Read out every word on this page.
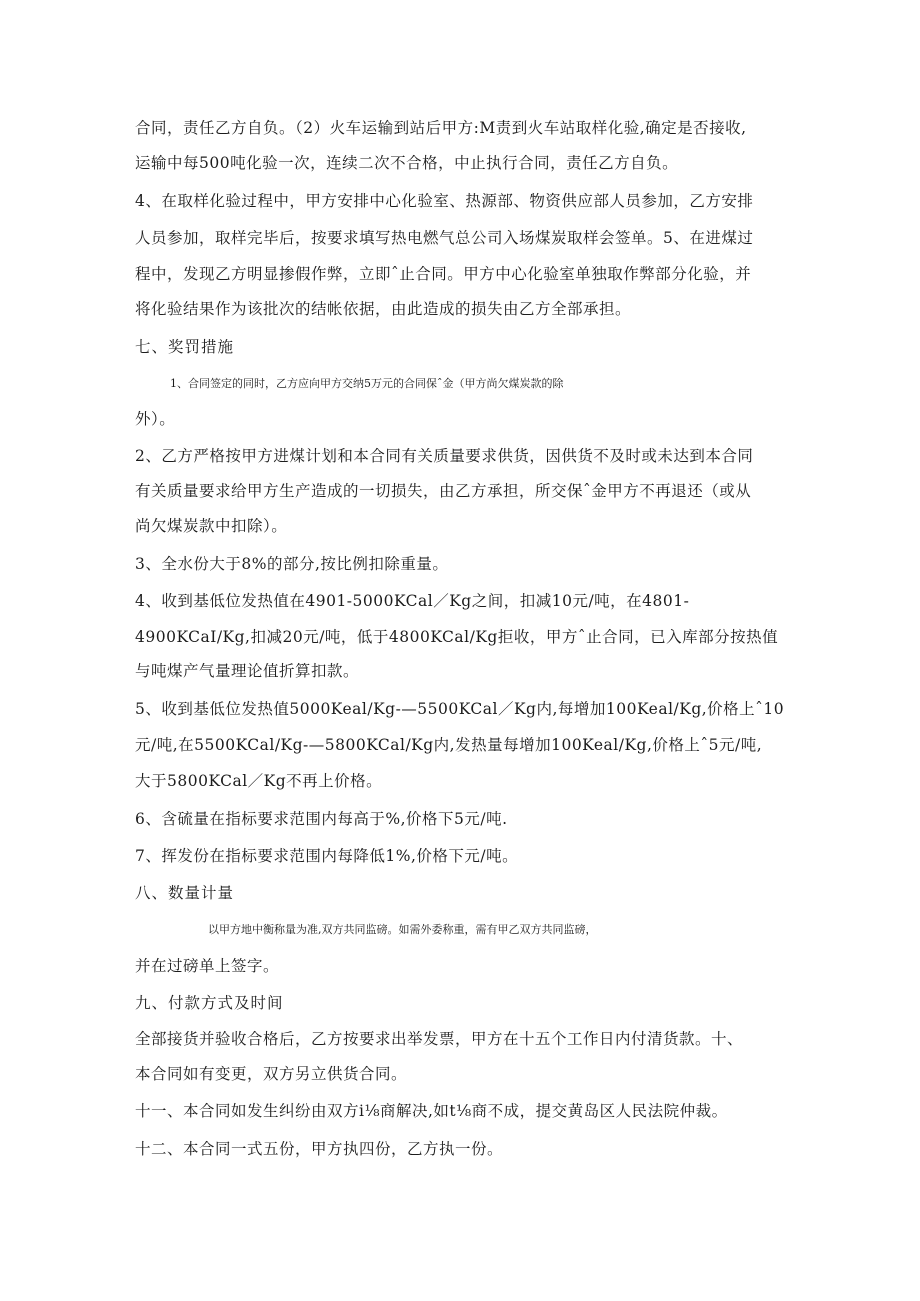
合同，责任乙方自负。（2）火车运输到站后甲方:M责到火车站取样化验,确定是否接收,
运输中每500吨化验一次，连续二次不合格，中止执行合同，责任乙方自负。
4、在取样化验过程中，甲方安排中心化验室、热源部、物资供应部人员参加，乙方安排
人员参加，取样完毕后，按要求填写热电燃气总公司入场煤炭取样会签单。5、在进煤过
程中，发现乙方明显掺假作弊，立即ˆ止合同。甲方中心化验室单独取作弊部分化验，并
将化验结果作为该批次的结帐依据，由此造成的损失由乙方全部承担。
七、奖罚措施
1、合同签定的同时，乙方应向甲方交纳5万元的合同保ˆ金（甲方尚欠煤炭款的除
外）。
2、乙方严格按甲方进煤计划和本合同有关质量要求供货，因供货不及时或未达到本合同
有关质量要求给甲方生产造成的一切损失，由乙方承担，所交保ˆ金甲方不再退还（或从
尚欠煤炭款中扣除）。
3、全水份大于8%的部分,按比例扣除重量。
4、收到基低位发热值在4901-5000KCal／Kg之间，扣减10元/吨，在4801-
4900KCaI/Kg,扣减20元/吨，低于4800KCal/Kg拒收，甲方ˆ止合同，已入库部分按热值
与吨煤产气量理论值折算扣款。
5、收到基低位发热值5000Keal/Kg-—5500KCal／Kg内,每增加100Keal/Kg,价格上ˆ10
元/吨,在5500KCal/Kg-—5800KCal/Kg内,发热量每增加100Keal/Kg,价格上ˆ5元/吨,
大于5800KCal／Kg不再上价格。
6、含硫量在指标要求范围内每高于%,价格下5元/吨.
7、挥发份在指标要求范围内每降低1%,价格下元/吨。
八、数量计量
以甲方地中衡称量为准,双方共同监磅。如需外委称重，需有甲乙双方共同监磅，
并在过磅单上签字。
九、付款方式及时间
全部接货并验收合格后，乙方按要求出举发票，甲方在十五个工作日内付清货款。十、
本合同如有变更，双方另立供货合同。
十一、本合同如发生纠纷由双方i⅛商解决,如t⅛商不成，提交黄岛区人民法院仲裁。
十二、本合同一式五份，甲方执四份，乙方执一份。
